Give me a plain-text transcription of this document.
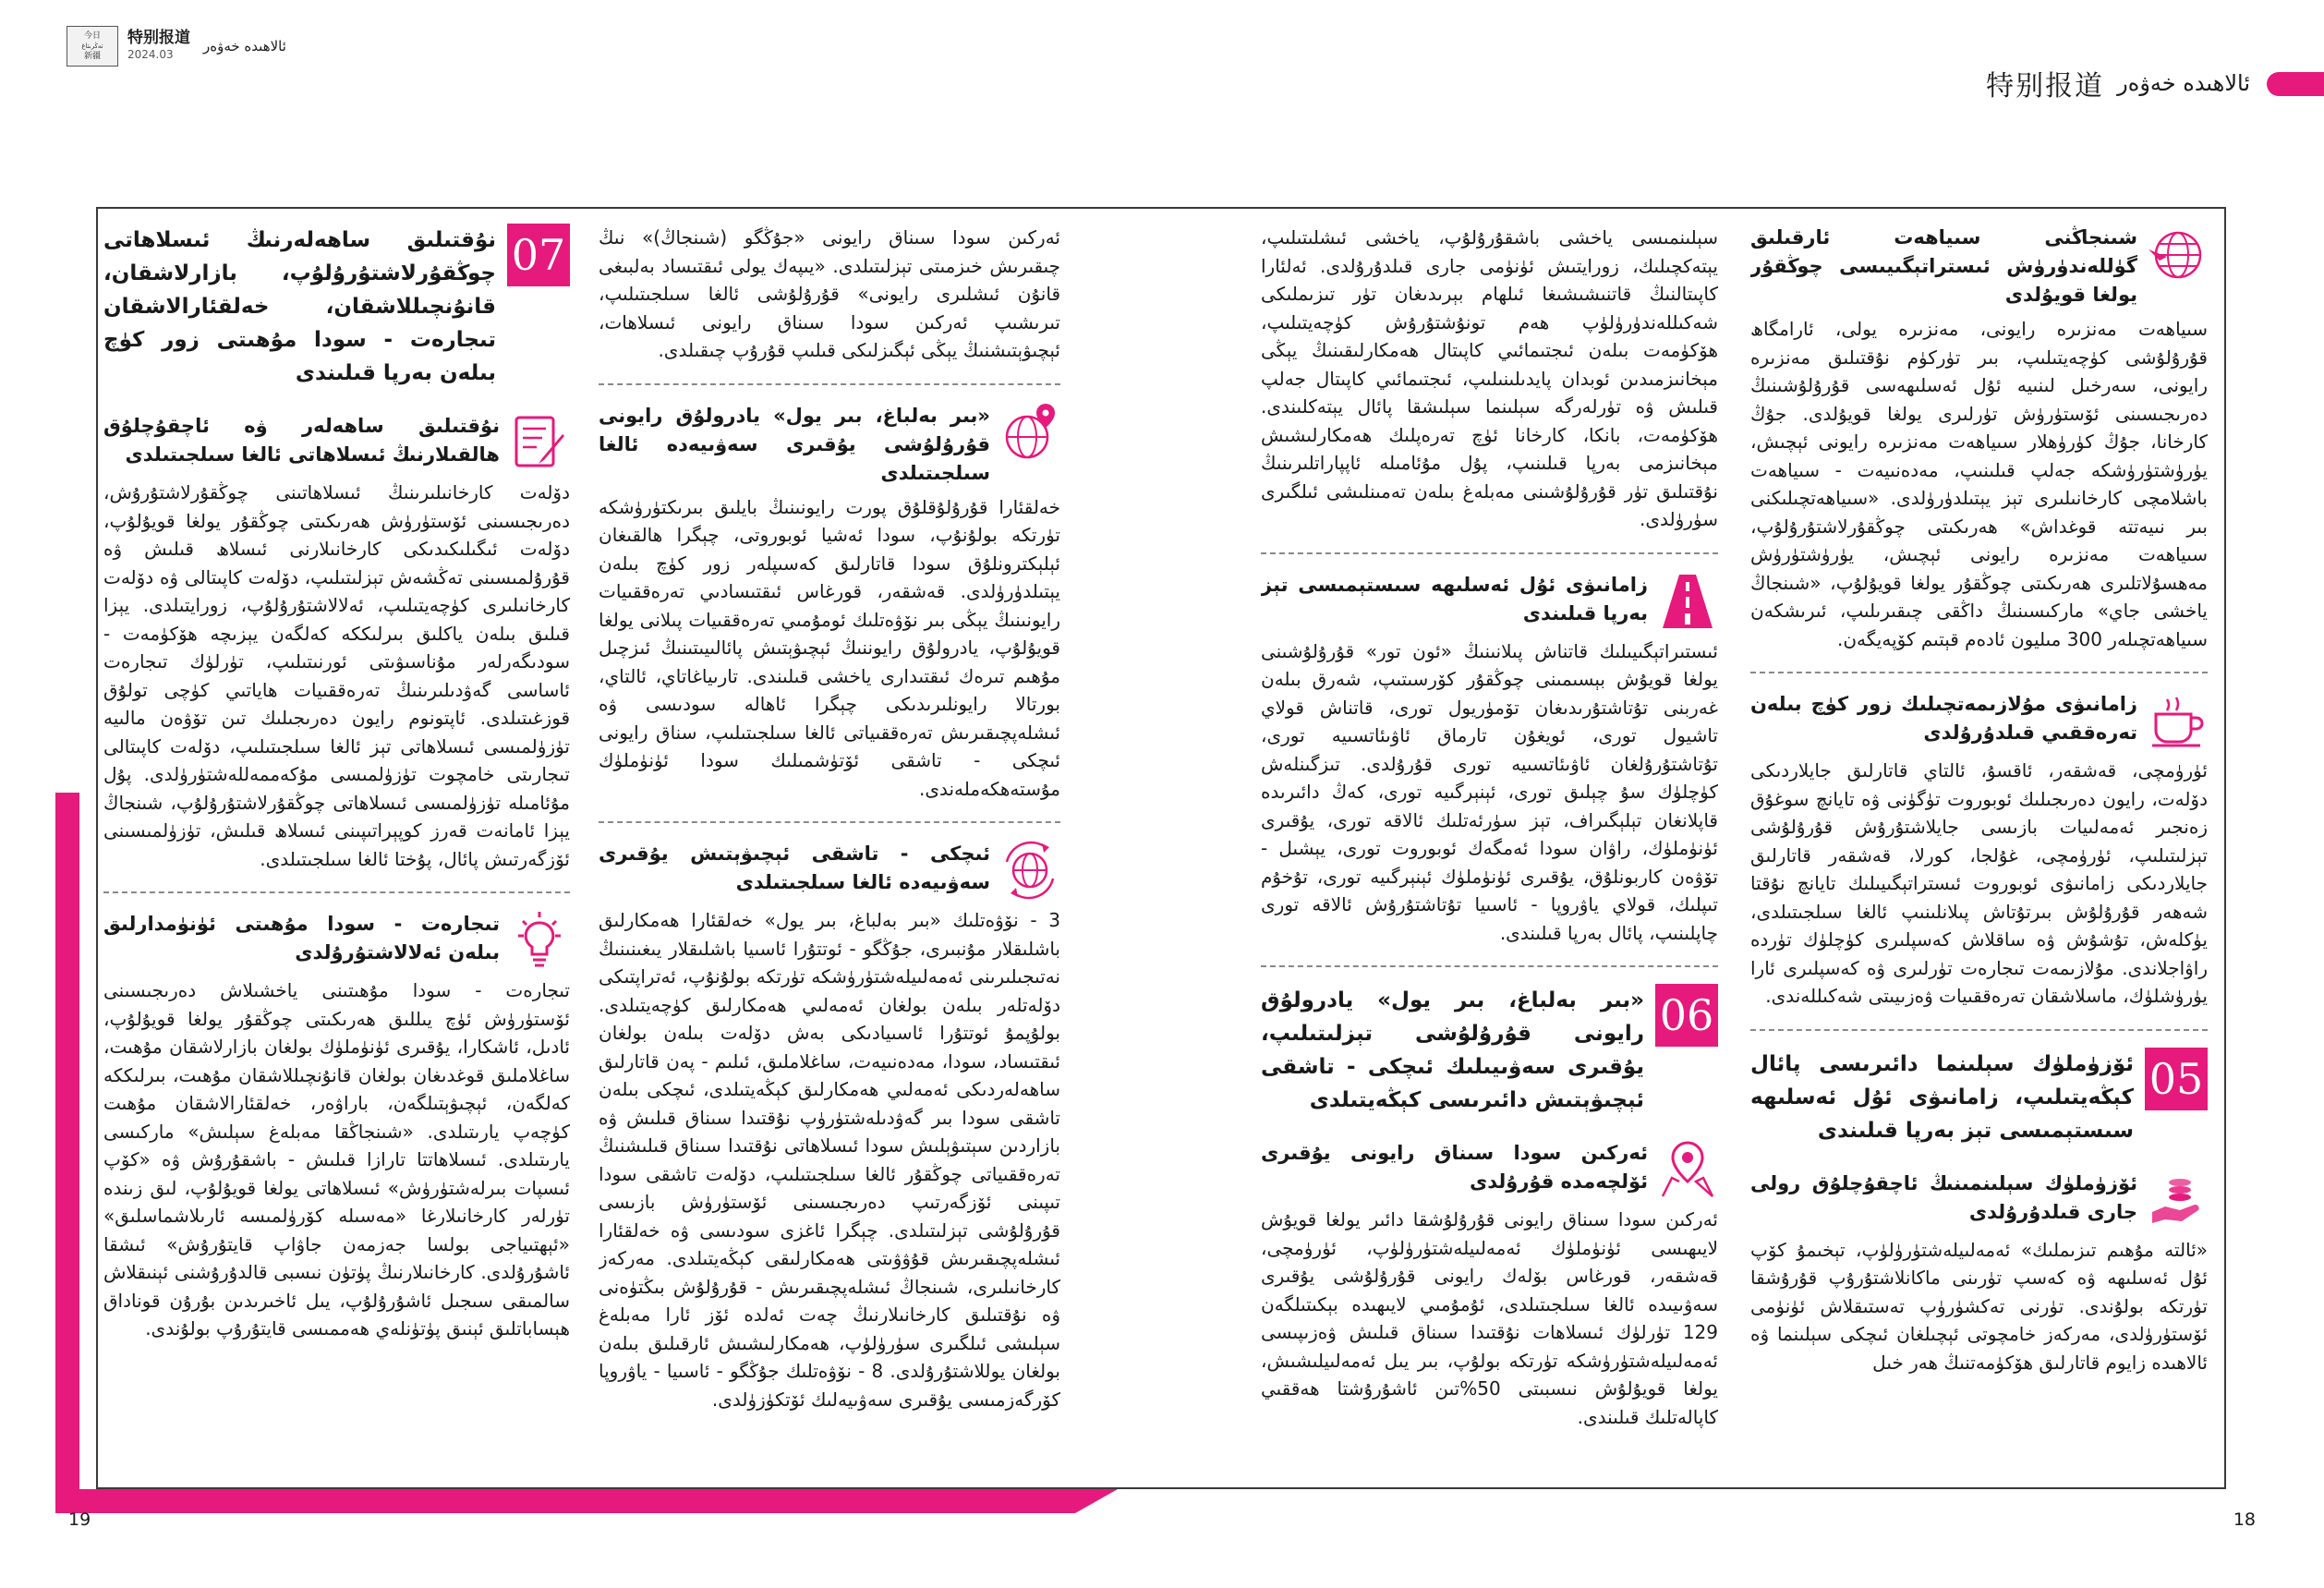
今日
تەڭرىتاغ
新疆
特别报道
2024.03	ئالاھىدە خەۋەر
特别报道 ئالاھىدە خەۋەر
شىنجاڭنى سىياھەت ئارقىلىق گۈللەندۈرۈش ئىستراتېگىيىسى چوڭقۇر يولغا قويۇلدى

سىياھەت مەنزىرە رايونى، مەنزىرە يولى، ئارامگاھ قۇرۇلۇشى كۈچەيتىلىپ، بىر تۈركۈم نۇقتىلىق مەنزىرە رايونى، سەرخىل لىنىيە ئۇل ئەسلىھەسى قۇرۇلۇشىنىڭ دەرىجىسىنى ئۆستۈرۈش تۈرلىرى يولغا قويۇلدى. جۇڭ كارخانا، جۇڭ كۈرۈھلار سىياھەت مەنزىرە رايونى ئېچىش، يۈرۈشتۈرۈشكە جەلپ قىلىنىپ، مەدەنىيەت - سىياھەت باشلامچى كارخانىلىرى تېز يېتىلدۈرۈلدى. «سىياھەتچىلىكنى بىر نىيەتتە قوغداش» ھەرىكىتى چوڭقۇرلاشتۇرۇلۇپ، سىياھەت مەنزىرە رايونى ئېچىش، يۈرۈشتۈرۈش مەھسۇلاتلىرى ھەرىكىتى چوڭقۇر يولغا قويۇلۇپ، «شىنجاڭ ياخشى جاي» ماركىسىنىڭ داڭقى چىقىرىلىپ، ئىرىشكەن سىياھەتچىلەر 300 مىليون ئادەم قېتىم كۆپەيگەن.

زامانىۋى مۇلازىمەتچىلىك زور كۈچ بىلەن تەرەققىي قىلدۇرۇلدى

ئۈرۈمچى، قەشقەر، ئاقسۇ، ئالتاي قاتارلىق جايلاردىكى دۆلەت، رايون دەرىجىلىك ئوبوروت تۈگۈنى ۋە تايانچ سوغۇق زەنجىر ئەمەلىيات بازىسى جايلاشتۇرۇش قۇرۇلۇشى تېزلىتىلىپ، ئۈرۈمچى، غۇلجا، كورلا، قەشقەر قاتارلىق جايلاردىكى زامانىۋى ئوبوروت ئىستراتېگىيىلىك تايانچ نۇقتا شەھەر قۇرۇلۇش بىرتۇتاش پىلانلىنىپ ئالغا سىلجىتىلدى، يۈكلەش، تۇشۇش ۋە ساقلاش كەسپلىرى كۈچلۈك تۈردە راۋاجلاندى. مۇلازىمەت تىجارەت تۈرلىرى ۋە كەسپلىرى ئارا يۈرۈشلۈك، ماسلاشقان تەرەققىيات ۋەزىيىتى شەكىللەندى.

05
ئۆزۈملۈك سېلىنما دائىرىسى پائال كېڭەيتىلىپ، زامانىۋى ئۇل ئەسلىھە سىستېمىسى تېز بەرپا قىلىندى
ئۆزۈملۈك سېلىنمىنىڭ ئاچقۇچلۇق رولى جارى قىلدۇرۇلدى

«ئالتە مۇھىم تىزىملىك» ئەمەلىيلەشتۈرۈلۈپ، تېخىمۇ كۆپ ئۇل ئەسلىھە ۋە كەسپ تۈرىنى ماكانلاشتۇرۇپ قۇرۇشقا تۈرتكە بولۇندى. تۈرنى تەكشۈرۈپ تەستىقلاش ئۈنۈمى ئۆستۈرۈلدى، مەركەز خامچوتى ئېچىلغان ئىچكى سېلىنما ۋە ئالاھىدە زايوم قاتارلىق ھۆكۈمەتنىڭ ھەر خىل

سېلىنمىسى ياخشى باشقۇرۇلۇپ، ياخشى ئىشلىتىلىپ، يېتەكچىلىك، زورايتىش ئۈنۈمى جارى قىلدۇرۇلدى. ئەلئارا كاپىتالنىڭ قاتنىشىشىغا ئىلھام بېرىدىغان تۈر تىزىملىكى شەكىللەندۈرۈلۈپ ھەم تونۇشتۇرۇش كۈچەيتىلىپ، ھۆكۈمەت بىلەن ئىجتىمائىي كاپىتال ھەمكارلىقىنىڭ يېڭى مېخانىزمىدىن ئوبدان پايدىلىنىلىپ، ئىجتىمائىي كاپىتال جەلپ قىلىش ۋە تۈرلەرگە سېلىنما سېلىشقا پائال يېتەكلىندى. ھۆكۈمەت، بانكا، كارخانا ئۈچ تەرەپلىك ھەمكارلىشىش مېخانىزمى بەرپا قىلىنىپ، پۇل مۇئامىلە ئاپپاراتلىرىنىڭ نۇقتىلىق تۈر قۇرۇلۇشىنى مەبلەغ بىلەن تەمىنلىشى ئىلگىرى سۈرۈلدى.

زامانىۋى ئۇل ئەسلىھە سىستېمىسى تېز بەرپا قىلىندى

ئىستىراتېگىيىلىك قاتناش پىلانىنىڭ «ئون تور» قۇرۇلۇشىنى يولغا قويۇش بېسىمىنى چوڭقۇر كۆرسىتىپ، شەرق بىلەن غەربنى تۇتاشتۇرىدىغان تۆمۈريول تورى، قاتناش قولاي تاشيول تورى، ئويغۇن تارماق ئاۋىئاتسىيە تورى، تۇتاشتۇرۇلغان ئاۋىئاتسىيە تورى قۇرۇلدى. تىزگىنلەش كۈچلۈك سۇ چېلىق تورى، ئېنېرگىيە تورى، كەڭ دائىرىدە قاپلانغان تېلېگىراف، تېز سۈرئەتلىك ئالاقە تورى، يۇقىرى ئۈنۈملۈك، راۋان سودا ئەمگەك ئوبوروت تورى، يېشىل - تۆۋەن كاربونلۇق، يۇقىرى ئۈنۈملۈك ئېنېرگىيە تورى، تۇخۇم تىپلىك، قولاي ياۋروپا - ئاسىيا تۇتاشتۇرۇش ئالاقە تورى چاپلىنىپ، پائال بەرپا قىلىندى.

06
«بىر بەلباغ، بىر يول» يادرولۇق رايونى قۇرۇلۇشى تېزلىتىلىپ، يۇقىرى سەۋىيىلىك ئىچكى - تاشقى ئېچىۋېتىش دائىرىسى كېڭەيتىلدى
ئەركىن سودا سىناق رايونى يۇقىرى ئۆلچەمدە قۇرۇلدى

ئەركىن سودا سىناق رايونى قۇرۇلۇشقا دائىر يولغا قويۇش لايىھىسى ئۈنۈملۈك ئەمەلىيلەشتۈرۈلۈپ، ئۈرۈمچى، قەشقەر، قورغاس بۆلەك رايونى قۇرۇلۇشى يۇقىرى سەۋىيىدە ئالغا سىلجىتىلدى، ئۇمۇمىي لايىھىدە بېكىتىلگەن 129 تۈرلۈك ئىسلاھات نۇقتىدا سىناق قىلىش ۋەزىپىسى ئەمەلىيلەشتۈرۈشكە تۈرتكە بولۇپ، بىر يىل ئەمەلىيلىشىش، يولغا قويۇلۇش نىسبىتى 50%تىن ئاشۇرۇشتا ھەققىي كاپالەتلىك قىلىندى.

ئەركىن سودا سىناق رايونى «جۇڭگو (شىنجاڭ)» نىڭ چىقىرىش خىزمىتى تېزلىتىلدى. «يىپەك يولى ئىقتىساد بەلبىغى قانۇن ئىشلىرى رايونى» قۇرۇلۇشى ئالغا سىلجىتىلىپ، تىرىشىپ ئەركىن سودا سىناق رايونى ئىسلاھات، ئېچىۋېتىشنىڭ يېڭى ئېگىزلىكى قىلىپ قۇرۇپ چىقىلدى.

«بىر بەلباغ، بىر يول» يادرولۇق رايونى قۇرۇلۇشى يۇقىرى سەۋىيەدە ئالغا سىلجىتىلدى

خەلقئارا قۇرۇلۇقلۇق پورت رايونىنىڭ بايلىق بىرىكتۈرۈشكە تۈرتكە بولۇنۇپ، سودا ئەشيا ئوبوروتى، چېگرا ھالقىغان ئېلېكترونلۇق سودا قاتارلىق كەسىپلەر زور كۈچ بىلەن يېتىلدۈرۈلدى. قەشقەر، قورغاس ئىقتىسادىي تەرەققىيات رايونىنىڭ يېڭى بىر نۆۋەتلىك ئومۇمىي تەرەققىيات پىلانى يولغا قويۇلۇپ، يادرولۇق رايوننىڭ ئېچىۋېتىش پائالىيىتىنىڭ ئىزچىل مۇھىم تىرەك ئىقتىدارى ياخشى قىلىندى. تارىياغاتاي، ئالتاي، بورتالا رايونلىرىدىكى چېگرا ئاھالە سودىسى ۋە ئىشلەپچىقىرىش تەرەققىياتى ئالغا سىلجىتىلىپ، سناق رايونى ئىچكى - تاشقى ئۆتۈشمىلىك سودا ئۈنۈملۈك مۇستەھكەملەندى.

ئىچكى - تاشقى ئېچىۋېتىش يۇقىرى سەۋىيەدە ئالغا سىلجىتىلدى

3 - نۆۋەتلىك «بىر بەلباغ، بىر يول» خەلقئارا ھەمكارلىق باشلىقلار مۇنبىرى، جۇڭگو - ئوتتۇرا ئاسىيا باشلىقلار يىغىنىنىڭ نەتىجىلىرىنى ئەمەلىيلەشتۈرۈشكە تۈرتكە بولۇنۇپ، ئەتراپتىكى دۆلەتلەر بىلەن بولغان ئەمەلىي ھەمكارلىق كۈچەيتىلدى. بولۇپمۇ ئوتتۇرا ئاسىيادىكى بەش دۆلەت بىلەن بولغان ئىقتىساد، سودا، مەدەنىيەت، ساغلاملىق، ئىلىم - پەن قاتارلىق ساھەلەردىكى ئەمەلىي ھەمكارلىق كېڭەيتىلدى، ئىچكى بىلەن تاشقى سودا بىر گەۋدىلەشتۈرۈپ نۇقتىدا سىناق قىلىش ۋە بازاردىن سېتىۋېلىش سودا ئىسلاھاتى نۇقتىدا سىناق قىلىشنىڭ تەرەققىياتى چوڭقۇر ئالغا سىلجىتىلىپ، دۆلەت تاشقى سودا تىپىنى ئۆزگەرتىپ دەرىجىسىنى ئۆستۈرۈش بازىسى قۇرۇلۇشى تېزلىتىلدى. چېگرا ئاغزى سودىسى ۋە خەلقئارا ئىشلەپچىقىرىش قۇۋۋىتى ھەمكارلىقى كېڭەيتىلدى. مەركەز كارخانىلىرى، شىنجاڭ ئىشلەپچىقىرىش - قۇرۇلۇش بىڭتۈەنى ۋە نۇقتىلىق كارخانىلارنىڭ چەت ئەلدە ئۆز ئارا مەبلەغ سېلىشى ئىلگىرى سۈرۈلۈپ، ھەمكارلىشىش ئارقىلىق بىلەن بولغان يوللاشتۇرۇلدى. 8 - نۆۋەتلىك جۇڭگو - ئاسىيا - ياۋروپا كۆرگەزمىسى يۇقىرى سەۋىيەلىك ئۆتكۈزۈلدى.

07
نۇقتىلىق ساھەلەرنىڭ ئىسلاھاتى چوڭقۇرلاشتۇرۇلۇپ، بازارلاشقان، قانۇنچىللاشقان، خەلقئارالاشقان تىجارەت - سودا مۇھىتى زور كۈچ بىلەن بەرپا قىلىندى
نۇقتىلىق ساھەلەر ۋە ئاچقۇچلۇق ھالقىلارنىڭ ئىسلاھاتى ئالغا سىلجىتىلدى

دۆلەت كارخانىلىرىنىڭ ئىسلاھاتىنى چوڭقۇرلاشتۇرۇش، دەرىجىسىنى ئۆستۈرۈش ھەرىكىتى چوڭقۇر يولغا قويۇلۇپ، دۆلەت ئىگىلىكىدىكى كارخانىلارنى ئىسلاھ قىلىش ۋە قۇرۇلمىسىنى تەڭشەش تېزلىتىلىپ، دۆلەت كاپىتالى ۋە دۆلەت كارخانىلىرى كۈچەيتىلىپ، ئەلالاشتۇرۇلۇپ، زورايتىلدى. يېزا قىلىق بىلەن ياكلىق بىرلىككە كەلگەن يېزىچە ھۆكۈمەت - سودىگەرلەر مۇناسىۋىتى ئورنىتىلىپ، تۈرلۈك تىجارەت ئاساسى گەۋدىلىرىنىڭ تەرەققىيات ھاياتىي كۈچى تولۇق قوزغىتىلدى. ئاپتونوم رايون دەرىجىلىك تىن تۆۋەن مالىيە تۈزۈلمىسى ئىسلاھاتى تېز ئالغا سىلجىتىلىپ، دۆلەت كاپىتالى تىجارىتى خامچوت تۈزۈلمىسى مۇكەممەللەشتۈرۈلدى. پۇل مۇئامىلە تۈزۈلمىسى ئىسلاھاتى چوڭقۇرلاشتۇرۇلۇپ، شىنجاڭ يېزا ئامانەت قەرز كوپېراتىپىنى ئىسلاھ قىلىش، تۈزۈلمىسىنى ئۆزگەرتىش پائال، پۇختا ئالغا سىلجىتىلدى.

تىجارەت - سودا مۇھىتى ئۈنۈمدارلىق بىلەن ئەلالاشتۇرۇلدى

تىجارەت - سودا مۇھىتىنى ياخشىلاش دەرىجىسىنى ئۆستۈرۈش ئۈچ يىللىق ھەرىكىتى چوڭقۇر يولغا قويۇلۇپ، ئادىل، ئاشكارا، يۇقىرى ئۈنۈملۈك بولغان بازارلاشقان مۇھىت، ساغلاملىق قوغدىغان بولغان قانۇنچىللاشقان مۇھىت، بىرلىككە كەلگەن، ئېچىۋېتىلگەن، باراۋەر، خەلقئارالاشقان مۇھىت كۈچەپ يارىتىلدى. «شىنجاڭقا مەبلەغ سېلىش» ماركىسى يارىتىلدى. ئىسلاھاتتا تارازا قىلىش - باشقۇرۇش ۋە «كۆپ ئىسپات بىرلەشتۈرۈش» ئىسلاھاتى يولغا قويۇلۇپ، لىق زىندە تۈرلەر كارخانىلارغا «مەسىلە كۆرۈلمىسە ئارىلاشماسلىق» «ئېھتىياجى بولسا جەزمەن جاۋاپ قايتۇرۇش» ئىشقا ئاشۇرۇلدى. كارخانىلارنىڭ پۈتۈن نىسبى قالدۇرۇشنى ئېنىقلاش سالمىقى سىجىل ئاشۇرۇلۇپ، يىل ئاخىرىدىن بۇرۇن قوناداق ھېساباتلىق ئېنىق پۈتۈنلەي ھەممىسى قايتۇرۇپ بولۇندى.

19	18
